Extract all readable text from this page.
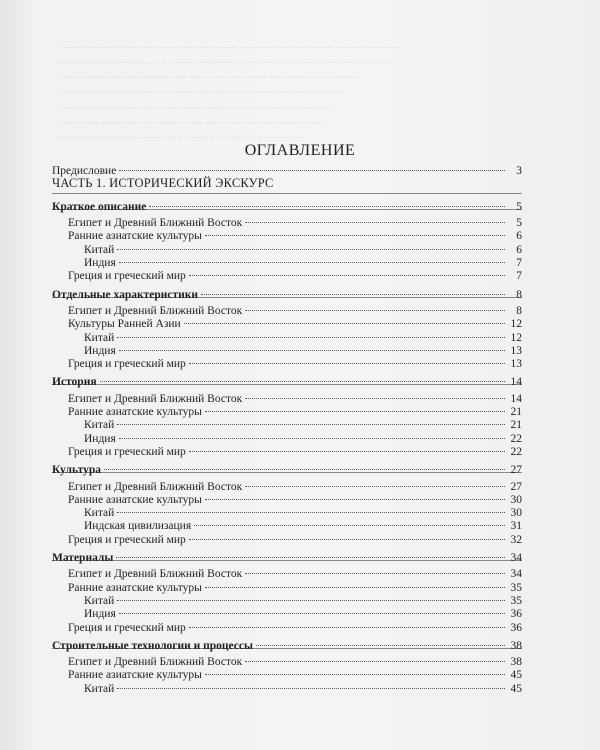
— — — — — — — — — — — — — — — — — — — — — — — — —
—— — ——— — — — —— ———— — — — — — —— —— — —
— — —— — — ——— — — — — — —— — —— — — ——
——— — — — —— — —— — — — — —— — — — — —
— —— — — — — — — —— ——— — — — — —— —
— — — —— — — —— — — — — — — — —— — —
—— — — — — —— — — —— — — — ——— —
ОГЛАВЛЕНИЕ
Предисловие	3
ЧАСТЬ 1. ИСТОРИЧЕСКИЙ ЭКСКУРС
Краткое описание	5
Египет и Древний Ближний Восток	5
Ранние азиатские культуры	6
Китай	6
Индия	7
Греция и греческий мир	7
Отдельные характеристики	8
Египет и Древний Ближний Восток	8
Культуры Ранней Азии	12
Китай	12
Индия	13
Греция и греческий мир	13
История	14
Египет и Древний Ближний Восток	14
Ранние азиатские культуры	21
Китай	21
Индия	22
Греция и греческий мир	22
Культура	27
Египет и Древний Ближний Восток	27
Ранние азиатские культуры	30
Китай	30
Индская цивилизация	31
Греция и греческий мир	32
Материалы	34
Египет и Древний Ближний Восток	34
Ранние азиатские культуры	35
Китай	35
Индия	36
Греция и греческий мир	36
Строительные технологии и процессы	38
Египет и Древний Ближний Восток	38
Ранние азиатские культуры	45
Китай	45
